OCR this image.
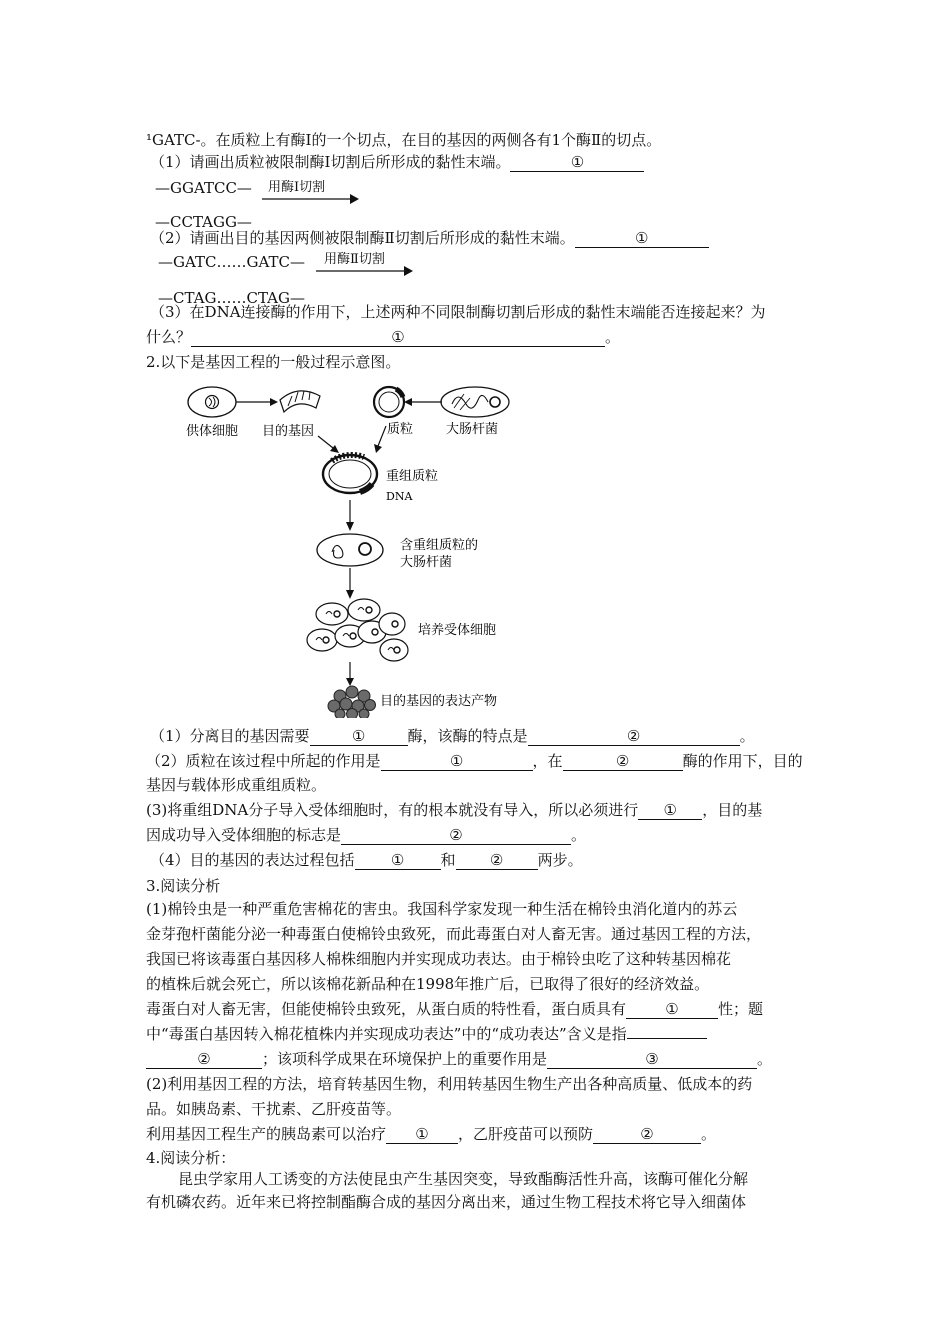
¹GATC-。在质粒上有酶Ⅰ的一个切点，在目的基因的两侧各有1个酶Ⅱ的切点。
（1）请画出质粒被限制酶Ⅰ切割后所形成的黏性末端。	①
—GGATCC— 用酶Ⅰ切割
—CCTAGG—
（2）请画出目的基因两侧被限制酶Ⅱ切割后所形成的黏性末端。	①
—GATC……GATC— 用酶Ⅱ切割
—CTAG……CTAG—
（3）在DNA连接酶的作用下，上述两种不同限制酶切割后形成的黏性末端能否连接起来？为
什么？	①	。
2.以下是基因工程的一般过程示意图。
供体细胞 目的基因	质粒	大肠杆菌
重组质粒
DNA
含重组质粒的
大肠杆菌
培养受体细胞
目的基因的表达产物
（1）分离目的基因需要	①	酶，该酶的特点是	②	。
（2）质粒在该过程中所起的作用是	①	，在	②	酶的作用下，目的
基因与载体形成重组质粒。
(3)将重组DNA分子导入受体细胞时，有的根本就没有导入，所以必须进行 ① ，目的基
因成功导入受体细胞的标志是	②	。
（4）目的基因的表达过程包括 ① 和 ② 两步。
3.阅读分析
(1)棉铃虫是一种严重危害棉花的害虫。我国科学家发现一种生活在棉铃虫消化道内的苏云
金芽孢杆菌能分泌一种毒蛋白使棉铃虫致死，而此毒蛋白对人畜无害。通过基因工程的方法，
我国已将该毒蛋白基因移人棉株细胞内并实现成功表达。由于棉铃虫吃了这种转基因棉花
的植株后就会死亡，所以该棉花新品种在1998年推广后，已取得了很好的经济效益。
毒蛋白对人畜无害，但能使棉铃虫致死，从蛋白质的特性看，蛋白质具有	①	性；题
中“毒蛋白基因转入棉花植株内并实现成功表达”中的“成功表达”含义是指
②	；该项科学成果在环境保护上的重要作用是	③	。
(2)利用基因工程的方法，培育转基因生物，利用转基因生物生产出各种高质量、低成本的药
品。如胰岛素、干扰素、乙肝疫苗等。
利用基因工程生产的胰岛素可以治疗 ① ，乙肝疫苗可以预防	②	。
4.阅读分析：
昆虫学家用人工诱变的方法使昆虫产生基因突变，导致酯酶活性升高，该酶可催化分解
有机磷农药。近年来已将控制酯酶合成的基因分离出来，通过生物工程技术将它导入细菌体
